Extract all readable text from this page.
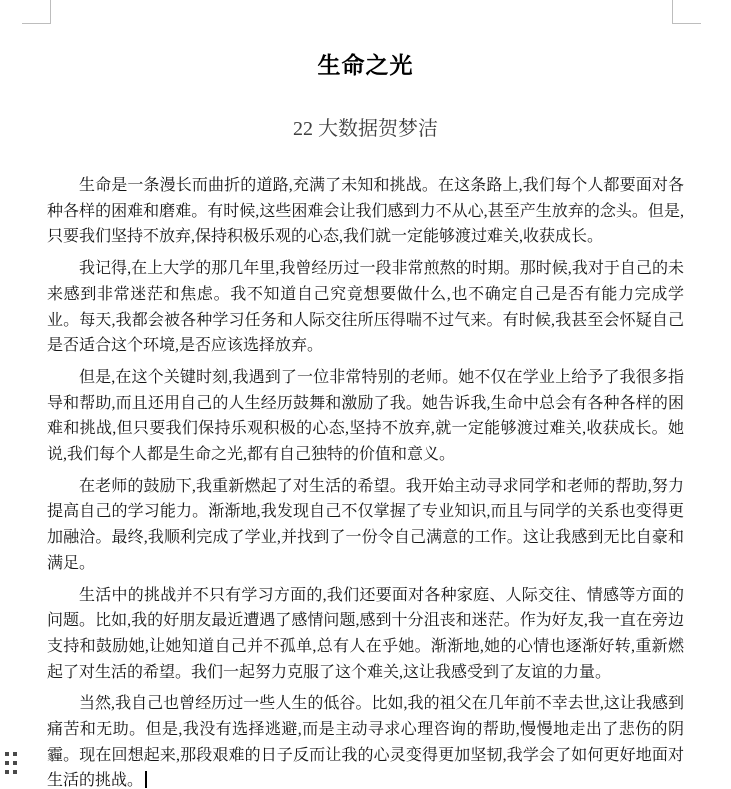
生命之光
22 大数据贺梦洁

生命是一条漫长而曲折的道路,充满了未知和挑战。在这条路上,我们每个人都要面对各种各样的困难和磨难。有时候,这些困难会让我们感到力不从心,甚至产生放弃的念头。但是,只要我们坚持不放弃,保持积极乐观的心态,我们就一定能够渡过难关,收获成长。

我记得,在上大学的那几年里,我曾经历过一段非常煎熬的时期。那时候,我对于自己的未来感到非常迷茫和焦虑。我不知道自己究竟想要做什么,也不确定自己是否有能力完成学业。每天,我都会被各种学习任务和人际交往所压得喘不过气来。有时候,我甚至会怀疑自己是否适合这个环境,是否应该选择放弃。

但是,在这个关键时刻,我遇到了一位非常特别的老师。她不仅在学业上给予了我很多指导和帮助,而且还用自己的人生经历鼓舞和激励了我。她告诉我,生命中总会有各种各样的困难和挑战,但只要我们保持乐观积极的心态,坚持不放弃,就一定能够渡过难关,收获成长。她说,我们每个人都是生命之光,都有自己独特的价值和意义。

在老师的鼓励下,我重新燃起了对生活的希望。我开始主动寻求同学和老师的帮助,努力提高自己的学习能力。渐渐地,我发现自己不仅掌握了专业知识,而且与同学的关系也变得更加融洽。最终,我顺利完成了学业,并找到了一份令自己满意的工作。这让我感到无比自豪和满足。

生活中的挑战并不只有学习方面的,我们还要面对各种家庭、人际交往、情感等方面的问题。比如,我的好朋友最近遭遇了感情问题,感到十分沮丧和迷茫。作为好友,我一直在旁边支持和鼓励她,让她知道自己并不孤单,总有人在乎她。渐渐地,她的心情也逐渐好转,重新燃起了对生活的希望。我们一起努力克服了这个难关,这让我感受到了友谊的力量。

当然,我自己也曾经历过一些人生的低谷。比如,我的祖父在几年前不幸去世,这让我感到痛苦和无助。但是,我没有选择逃避,而是主动寻求心理咨询的帮助,慢慢地走出了悲伤的阴霾。现在回想起来,那段艰难的日子反而让我的心灵变得更加坚韧,我学会了如何更好地面对生活的挑战。
